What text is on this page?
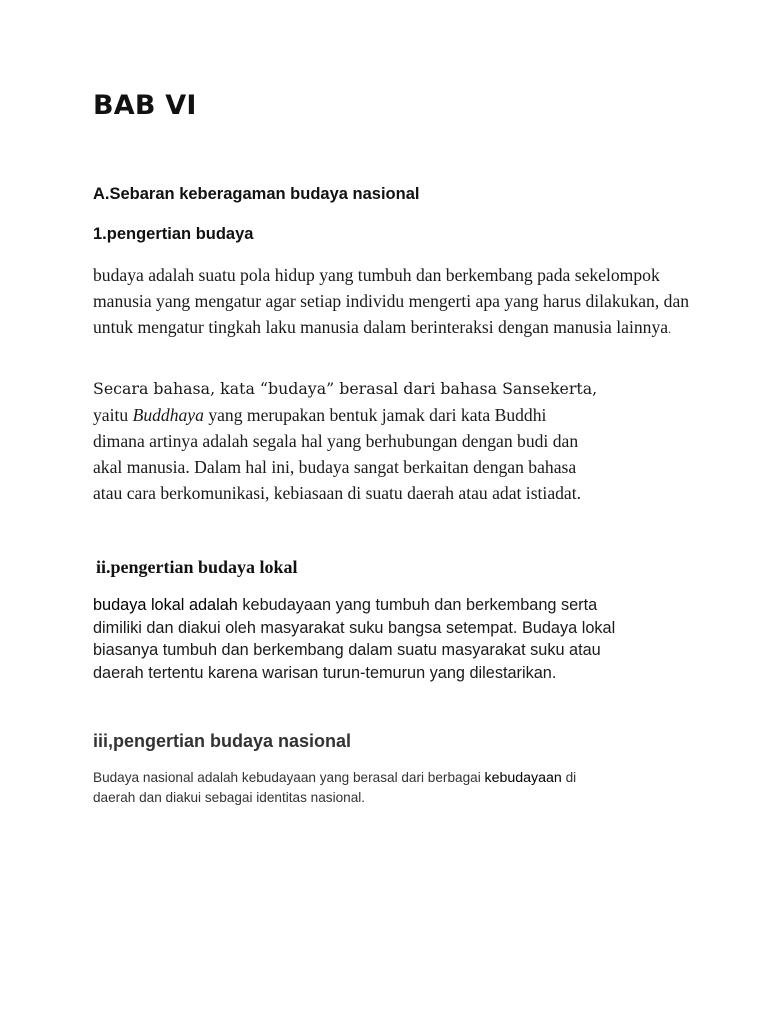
BAB VI
A.Sebaran keberagaman budaya nasional
1.pengertian budaya

budaya adalah suatu pola hidup yang tumbuh dan berkembang pada sekelompok manusia yang mengatur agar setiap individu mengerti apa yang harus dilakukan, dan untuk mengatur tingkah laku manusia dalam berinteraksi dengan manusia lainnya.

Secara bahasa, kata “budaya” berasal dari bahasa Sansekerta,
yaitu Buddhaya yang merupakan bentuk jamak dari kata Buddhi
dimana artinya adalah segala hal yang berhubungan dengan budi dan
akal manusia. Dalam hal ini, budaya sangat berkaitan dengan bahasa
atau cara berkomunikasi, kebiasaan di suatu daerah atau adat istiadat.

ii.pengertian budaya lokal

budaya lokal adalah kebudayaan yang tumbuh dan berkembang serta
dimiliki dan diakui oleh masyarakat suku bangsa setempat. Budaya lokal
biasanya tumbuh dan berkembang dalam suatu masyarakat suku atau
daerah tertentu karena warisan turun-temurun yang dilestarikan.

iii,pengertian budaya nasional

Budaya nasional adalah kebudayaan yang berasal dari berbagai kebudayaan di
daerah dan diakui sebagai identitas nasional.
